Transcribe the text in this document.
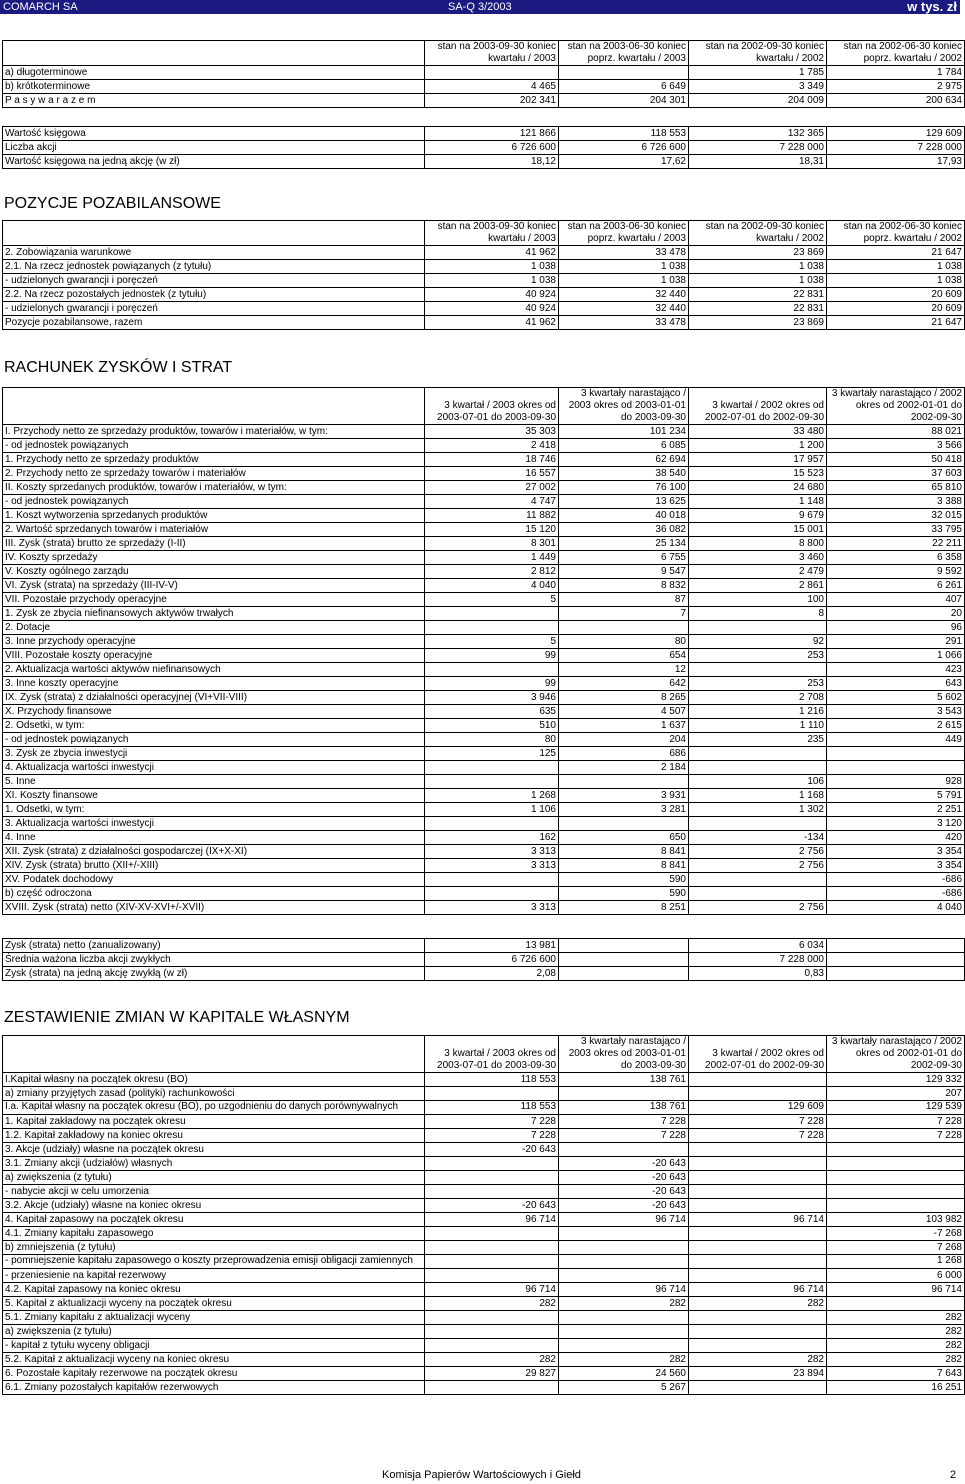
COMARCH SA	SA-Q 3/2003	w tys. zł
	stan na 2003-09-30 koniec kwartału / 2003	stan na 2003-06-30 koniec poprz. kwartału / 2003	stan na 2002-09-30 koniec kwartału / 2002	stan na 2002-06-30 koniec poprz. kwartału / 2002
a) długoterminowe			1 785	1 784
b) krótkoterminowe	4 465	6 649	3 349	2 975
P a s y w a r a z e m	202 341	204 301	204 009	200 634
Wartość księgowa	121 866	118 553	132 365	129 609
Liczba akcji	6 726 600	6 726 600	7 228 000	7 228 000
Wartość księgowa na jedną akcję (w zł)	18,12	17,62	18,31	17,93
POZYCJE POZABILANSOWE
	stan na 2003-09-30 koniec kwartału / 2003	stan na 2003-06-30 koniec poprz. kwartału / 2003	stan na 2002-09-30 koniec kwartału / 2002	stan na 2002-06-30 koniec poprz. kwartału / 2002
2. Zobowiązania warunkowe	41 962	33 478	23 869	21 647
2.1. Na rzecz jednostek powiązanych (z tytułu)	1 038	1 038	1 038	1 038
- udzielonych gwarancji i poręczeń	1 038	1 038	1 038	1 038
2.2. Na rzecz pozostałych jednostek (z tytułu)	40 924	32 440	22 831	20 609
- udzielonych gwarancji i poręczeń	40 924	32 440	22 831	20 609
Pozycje pozabilansowe, razem	41 962	33 478	23 869	21 647
RACHUNEK ZYSKÓW I STRAT
	3 kwartał / 2003 okres od 2003-07-01 do 2003-09-30	3 kwartały narastająco / 2003 okres od 2003-01-01 do 2003-09-30	3 kwartał / 2002 okres od 2002-07-01 do 2002-09-30	3 kwartały narastająco / 2002 okres od 2002-01-01 do 2002-09-30
I. Przychody netto ze sprzedaży produktów, towarów i materiałów, w tym:	35 303	101 234	33 480	88 021
- od jednostek powiązanych	2 418	6 085	1 200	3 566
1. Przychody netto ze sprzedaży produktów	18 746	62 694	17 957	50 418
2. Przychody netto ze sprzedaży towarów i materiałów	16 557	38 540	15 523	37 603
II. Koszty sprzedanych produktów, towarów i materiałów, w tym:	27 002	76 100	24 680	65 810
- od jednostek powiązanych	4 747	13 625	1 148	3 388
1. Koszt wytworzenia sprzedanych produktów	11 882	40 018	9 679	32 015
2. Wartość sprzedanych towarów i materiałów	15 120	36 082	15 001	33 795
III. Zysk (strata) brutto ze sprzedaży (I-II)	8 301	25 134	8 800	22 211
IV. Koszty sprzedaży	1 449	6 755	3 460	6 358
V. Koszty ogólnego zarządu	2 812	9 547	2 479	9 592
VI. Zysk (strata) na sprzedaży (III-IV-V)	4 040	8 832	2 861	6 261
VII. Pozostałe przychody operacyjne	5	87	100	407
1. Zysk ze zbycia niefinansowych aktywów trwałych		7	8	20
2. Dotacje				96
3. Inne przychody operacyjne	5	80	92	291
VIII. Pozostałe koszty operacyjne	99	654	253	1 066
2. Aktualizacja wartości aktywów niefinansowych		12		423
3. Inne koszty operacyjne	99	642	253	643
IX. Zysk (strata) z działalności operacyjnej (VI+VII-VIII)	3 946	8 265	2 708	5 602
X. Przychody finansowe	635	4 507	1 216	3 543
2. Odsetki, w tym:	510	1 637	1 110	2 615
- od jednostek powiązanych	80	204	235	449
3. Zysk ze zbycia inwestycji	125	686		
4. Aktualizacja wartości inwestycji		2 184		
5. Inne			106	928
XI. Koszty finansowe	1 268	3 931	1 168	5 791
1. Odsetki, w tym:	1 106	3 281	1 302	2 251
3. Aktualizacja wartości inwestycji				3 120
4. Inne	162	650	-134	420
XII. Zysk (strata) z działalności gospodarczej (IX+X-XI)	3 313	8 841	2 756	3 354
XIV. Zysk (strata) brutto (XII+/-XIII)	3 313	8 841	2 756	3 354
XV. Podatek dochodowy		590		-686
b) część odroczona		590		-686
XVIII. Zysk (strata) netto (XIV-XV-XVI+/-XVII)	3 313	8 251	2 756	4 040
Zysk (strata) netto (zanualizowany)	13 981		6 034	
Średnia ważona liczba akcji zwykłych	6 726 600		7 228 000	
Zysk (strata) na jedną akcję zwykłą (w zł)	2,08		0,83	
ZESTAWIENIE ZMIAN W KAPITALE WŁASNYM
	3 kwartał / 2003 okres od 2003-07-01 do 2003-09-30	3 kwartały narastająco / 2003 okres od 2003-01-01 do 2003-09-30	3 kwartał / 2002 okres od 2002-07-01 do 2002-09-30	3 kwartały narastająco / 2002 okres od 2002-01-01 do 2002-09-30
I.Kapitał własny na początek okresu (BO)	118 553	138 761		129 332
a) zmiany przyjętych zasad (polityki) rachunkowości				207
I.a. Kapitał własny na początek okresu (BO), po uzgodnieniu do danych porównywalnych	118 553	138 761	129 609	129 539
1. Kapitał zakładowy na początek okresu	7 228	7 228	7 228	7 228
1.2. Kapitał zakładowy na koniec okresu	7 228	7 228	7 228	7 228
3. Akcje (udziały) własne na początek okresu	-20 643			
3.1. Zmiany akcji (udziałów) własnych		-20 643		
a) zwiększenia (z tytułu)		-20 643		
- nabycie akcji w celu umorzenia		-20 643		
3.2. Akcje (udziały) własne na koniec okresu	-20 643	-20 643		
4. Kapitał zapasowy na początek okresu	96 714	96 714	96 714	103 982
4.1. Zmiany kapitału zapasowego				-7 268
b) zmniejszenia (z tytułu)				7 268
- pomniejszenie kapitału zapasowego o koszty przeprowadzenia emisji obligacji zamiennych				1 268
- przeniesienie na kapitał rezerwowy				6 000
4.2. Kapitał zapasowy na koniec okresu	96 714	96 714	96 714	96 714
5. Kapitał z aktualizacji wyceny na początek okresu	282	282	282	
5.1. Zmiany kapitału z aktualizacji wyceny				282
a) zwiększenia (z tytułu)				282
- kapitał z tytułu wyceny obligacji				282
5.2. Kapitał z aktualizacji wyceny na koniec okresu	282	282	282	282
6. Pozostałe kapitały rezerwowe na początek okresu	29 827	24 560	23 894	7 643
6.1. Zmiany pozostałych kapitałów rezerwowych		5 267		16 251
Komisja Papierów Wartościowych i Giełd	2
